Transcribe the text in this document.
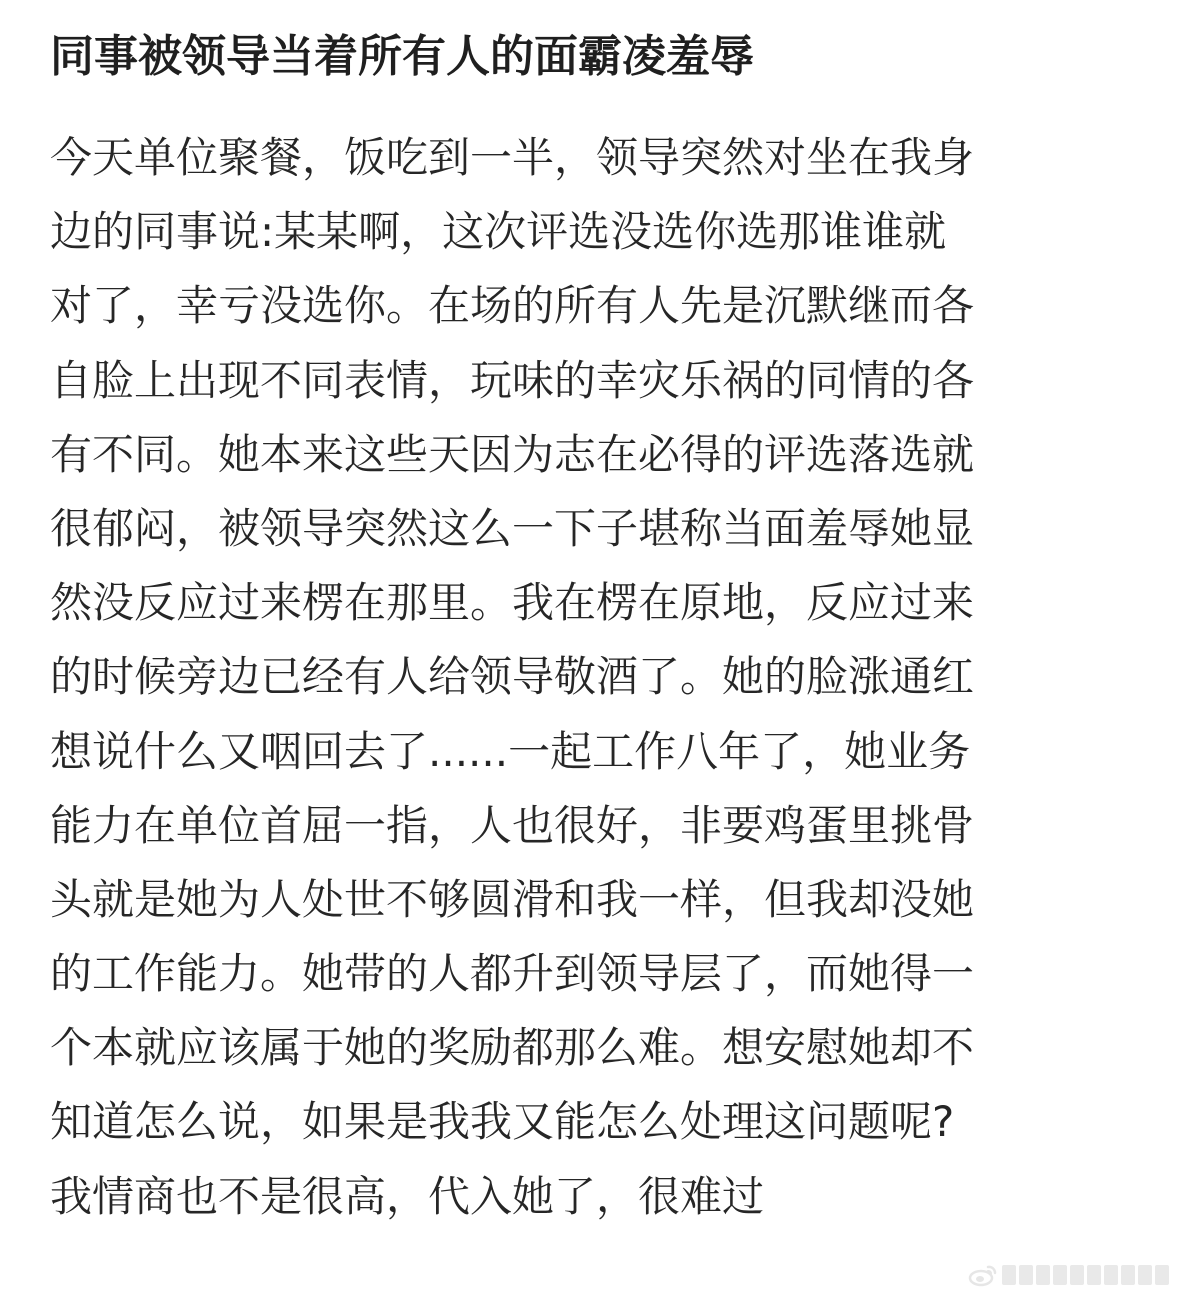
同事被领导当着所有人的面霸凌羞辱
今天单位聚餐，饭吃到一半，领导突然对坐在我身
边的同事说:某某啊，这次评选没选你选那谁谁就
对了，幸亏没选你。在场的所有人先是沉默继而各
自脸上出现不同表情，玩味的幸灾乐祸的同情的各
有不同。她本来这些天因为志在必得的评选落选就
很郁闷，被领导突然这么一下子堪称当面羞辱她显
然没反应过来楞在那里。我在楞在原地，反应过来
的时候旁边已经有人给领导敬酒了。她的脸涨通红
想说什么又咽回去了......一起工作八年了，她业务
能力在单位首屈一指，人也很好，非要鸡蛋里挑骨
头就是她为人处世不够圆滑和我一样，但我却没她
的工作能力。她带的人都升到领导层了，而她得一
个本就应该属于她的奖励都那么难。想安慰她却不
知道怎么说，如果是我我又能怎么处理这问题呢?
我情商也不是很高，代入她了，很难过
